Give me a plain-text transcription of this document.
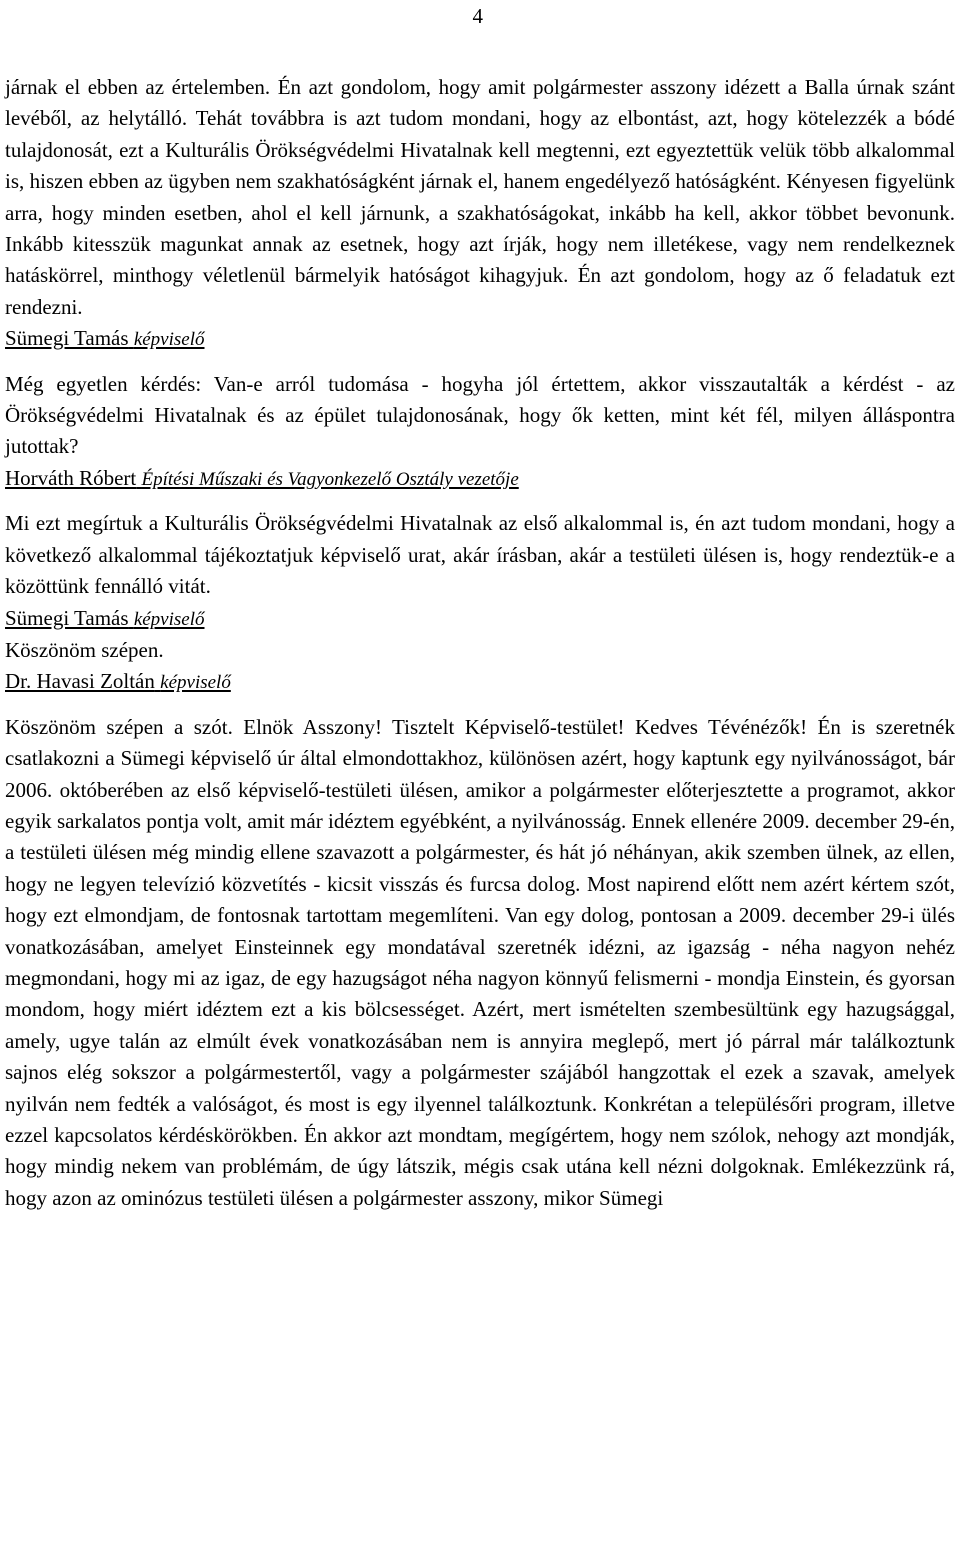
4

járnak el ebben az értelemben. Én azt gondolom, hogy amit polgármester asszony idézett a Balla úrnak szánt levéből, az helytálló. Tehát továbbra is azt tudom mondani, hogy az elbontást, azt, hogy kötelezzék a bódé tulajdonosát, ezt a Kulturális Örökségvédelmi Hivatalnak kell megtenni, ezt egyeztettük velük több alkalommal is, hiszen ebben az ügyben nem szakhatóságként járnak el, hanem engedélyező hatóságként. Kényesen figyelünk arra, hogy minden esetben, ahol el kell járnunk, a szakhatóságokat, inkább ha kell, akkor többet bevonunk. Inkább kitesszük magunkat annak az esetnek, hogy azt írják, hogy nem illetékese, vagy nem rendelkeznek hatáskörrel, minthogy véletlenül bármelyik hatóságot kihagyjuk. Én azt gondolom, hogy az ő feladatuk ezt rendezni.

Sümegi Tamás képviselő

Még egyetlen kérdés: Van-e arról tudomása - hogyha jól értettem, akkor visszautalták a kérdést - az Örökségvédelmi Hivatalnak és az épület tulajdonosának, hogy ők ketten, mint két fél, milyen álláspontra jutottak?

Horváth Róbert Építési Műszaki és Vagyonkezelő Osztály vezetője

Mi ezt megírtuk a Kulturális Örökségvédelmi Hivatalnak az első alkalommal is, én azt tudom mondani, hogy a következő alkalommal tájékoztatjuk képviselő urat, akár írásban, akár a testületi ülésen is, hogy rendeztük-e a közöttünk fennálló vitát.

Sümegi Tamás képviselő

Köszönöm szépen.

Dr. Havasi Zoltán képviselő

Köszönöm szépen a szót. Elnök Asszony! Tisztelt Képviselő-testület! Kedves Tévénézők! Én is szeretnék csatlakozni a Sümegi képviselő úr által elmondottakhoz, különösen azért, hogy kaptunk egy nyilvánosságot, bár 2006. októberében az első képviselő-testületi ülésen, amikor a polgármester előterjesztette a programot, akkor egyik sarkalatos pontja volt, amit már idéztem egyébként, a nyilvánosság. Ennek ellenére 2009. december 29-én, a testületi ülésen még mindig ellene szavazott a polgármester, és hát jó néhányan, akik szemben ülnek, az ellen, hogy ne legyen televízió közvetítés - kicsit visszás és furcsa dolog. Most napirend előtt nem azért kértem szót, hogy ezt elmondjam, de fontosnak tartottam megemlíteni. Van egy dolog, pontosan a 2009. december 29-i ülés vonatkozásában, amelyet Einsteinnek egy mondatával szeretnék idézni, az igazság - néha nagyon nehéz megmondani, hogy mi az igaz, de egy hazugságot néha nagyon könnyű felismerni - mondja Einstein, és gyorsan mondom, hogy miért idéztem ezt a kis bölcsességet. Azért, mert ismételten szembesültünk egy hazugsággal, amely, ugye talán az elmúlt évek vonatkozásában nem is annyira meglepő, mert jó párral már találkoztunk sajnos elég sokszor a polgármestertől, vagy a polgármester szájából hangzottak el ezek a szavak, amelyek nyilván nem fedték a valóságot, és most is egy ilyennel találkoztunk. Konkrétan a településőri program, illetve ezzel kapcsolatos kérdéskörökben. Én akkor azt mondtam, megígértem, hogy nem szólok, nehogy azt mondják, hogy mindig nekem van problémám, de úgy látszik, mégis csak utána kell nézni dolgoknak. Emlékezzünk rá, hogy azon az ominózus testületi ülésen a polgármester asszony, mikor Sümegi
